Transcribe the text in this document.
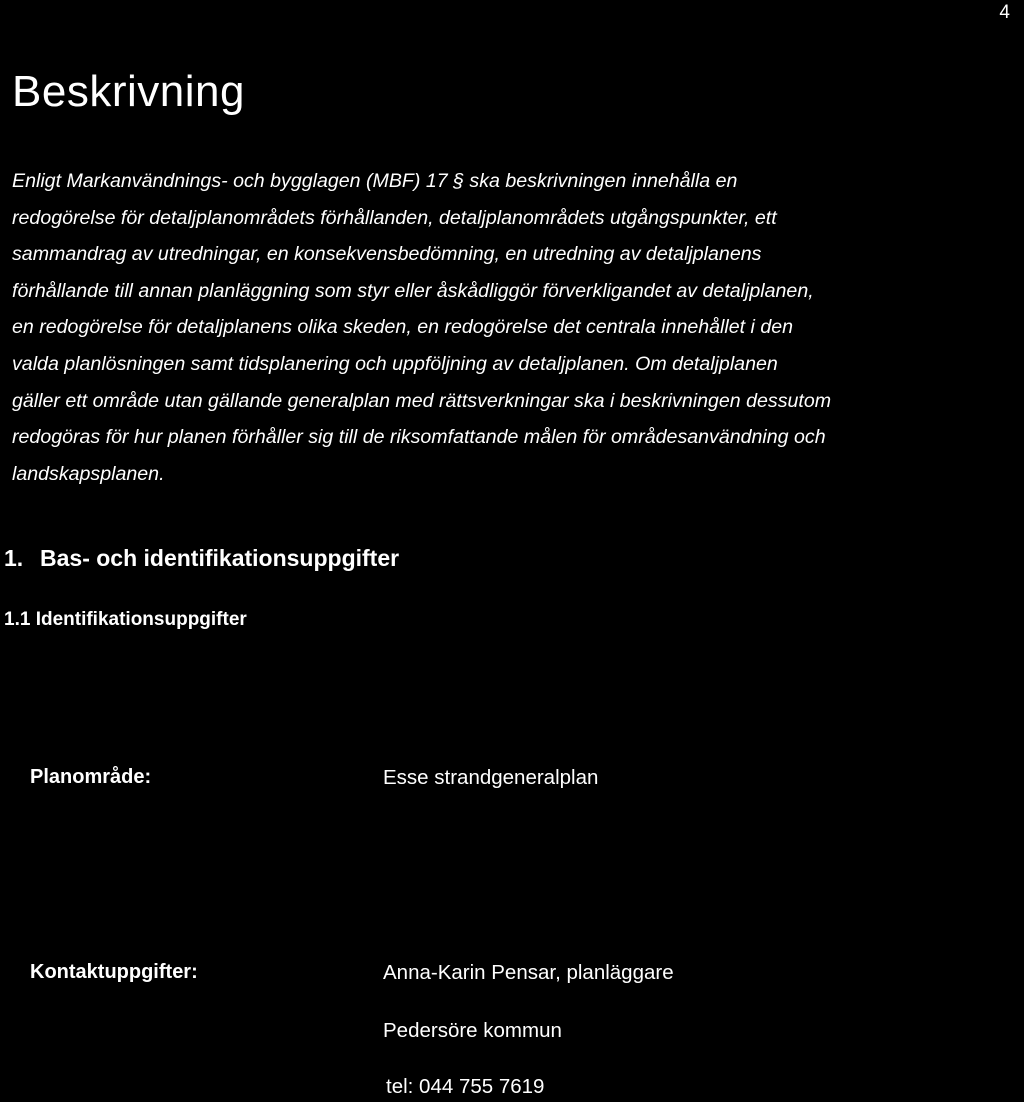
4
Beskrivning

Enligt Markanvändnings- och bygglagen (MBF) 17 § ska beskrivningen innehålla en
redogörelse för detaljplanområdets förhållanden, detaljplanområdets utgångspunkter, ett
sammandrag av utredningar, en konsekvensbedömning, en utredning av detaljplanens
förhållande till annan planläggning som styr eller åskådliggör förverkligandet av detaljplanen,
en redogörelse för detaljplanens olika skeden, en redogörelse det centrala innehållet i den
valda planlösningen samt tidsplanering och uppföljning av detaljplanen. Om detaljplanen
gäller ett område utan gällande generalplan med rättsverkningar ska i beskrivningen dessutom
redogöras för hur planen förhåller sig till de riksomfattande målen för områdesanvändning och
landskapsplanen.

1. Bas- och identifikationsuppgifter
1.1 Identifikationsuppgifter
Planområde:	Esse strandgeneralplan
Kontaktuppgifter:	Anna-Karin Pensar, planläggare
Pedersöre kommun
tel: 044 755 7619
